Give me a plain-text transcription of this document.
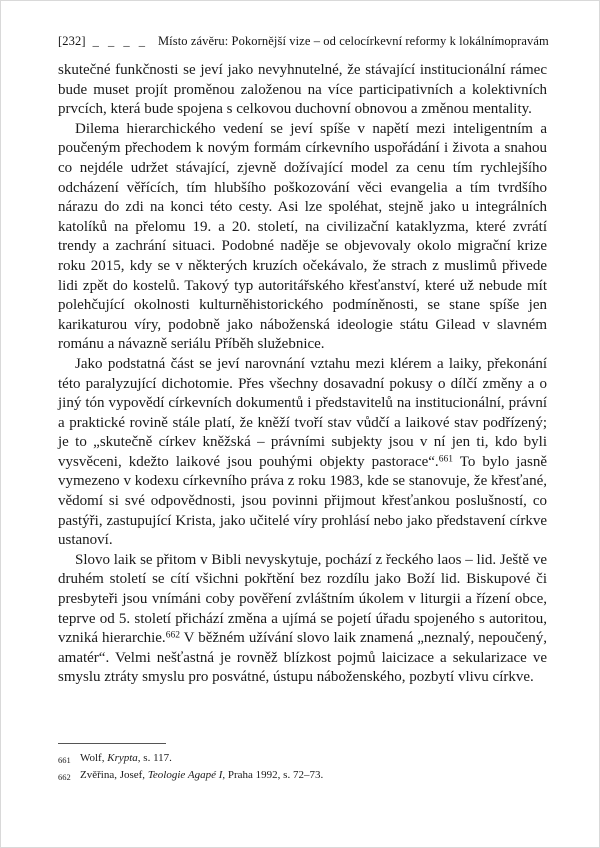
[232] _ _ _ _ Místo závěru: Pokornější vize – od celocírkevní reformy k lokálnímopravám

skutečné funkčnosti se jeví jako nevyhnutelné, že stávající institucionální rámec bude muset projít proměnou založenou na více participativních a kolektivních prvcích, která bude spojena s celkovou duchovní obnovou a změnou mentality.

Dilema hierarchického vedení se jeví spíše v napětí mezi inteligentním a poučeným přechodem k novým formám církevního uspořádání i života a snahou co nejdéle udržet stávající, zjevně dožívající model za cenu tím rychlejšího odcházení věřících, tím hlubšího poškozování věci evangelia a tím tvrdšího nárazu do zdi na konci této cesty. Asi lze spoléhat, stejně jako u integrálních katolíků na přelomu 19. a 20. století, na civilizační kataklyzma, které zvrátí trendy a zachrání situaci. Podobné naděje se objevovaly okolo migrační krize roku 2015, kdy se v některých kruzích očekávalo, že strach z muslimů přivede lidi zpět do kostelů. Takový typ autoritářského křesťanství, které už nebude mít polehčující okolnosti kulturněhistorického podmíněnosti, se stane spíše jen karikaturou víry, podobně jako náboženská ideologie státu Gilead v slavném románu a návazně seriálu Příběh služebnice.

Jako podstatná část se jeví narovnání vztahu mezi klérem a laiky, překonání této paralyzující dichotomie. Přes všechny dosavadní pokusy o dílčí změny a o jiný tón vypovědí církevních dokumentů i představitelů na institucionální, právní a praktické rovině stále platí, že kněží tvoří stav vůdčí a laikové stav podřízený; je to „skutečně církev kněžská – právními subjekty jsou v ní jen ti, kdo byli vysvěceni, kdežto laikové jsou pouhými objekty pastorace“.$^{661}$ To bylo jasně vymezeno v kodexu církevního práva z roku 1983, kde se stanovuje, že křesťané, vědomí si své odpovědnosti, jsou povinni přijmout křesťankou poslušností, co pastýři, zastupující Krista, jako učitelé víry prohlásí nebo jako představení církve ustanoví.

Slovo laik se přitom v Bibli nevyskytuje, pochází z řeckého laos – lid. Ještě ve druhém století se cítí všichni pokřtění bez rozdílu jako Boží lid. Biskupové či presbyteři jsou vnímáni coby pověření zvláštním úkolem v liturgii a řízení obce, teprve od 5. století přichází změna a ujímá se pojetí úřadu spojeného s autoritou, vzniká hierarchie.$^{662}$ V běžném užívání slovo laik znamená „neznalý, nepoučený, amatér“. Velmi nešťastná je rovněž blízkost pojmů laicizace a sekularizace ve smyslu ztráty smyslu pro posvátné, ústupu náboženského, pozbytí vlivu církve.

661 Wolf, Krypta, s. 117.
662 Zvěřina, Josef, Teologie Agapé I, Praha 1992, s. 72–73.
